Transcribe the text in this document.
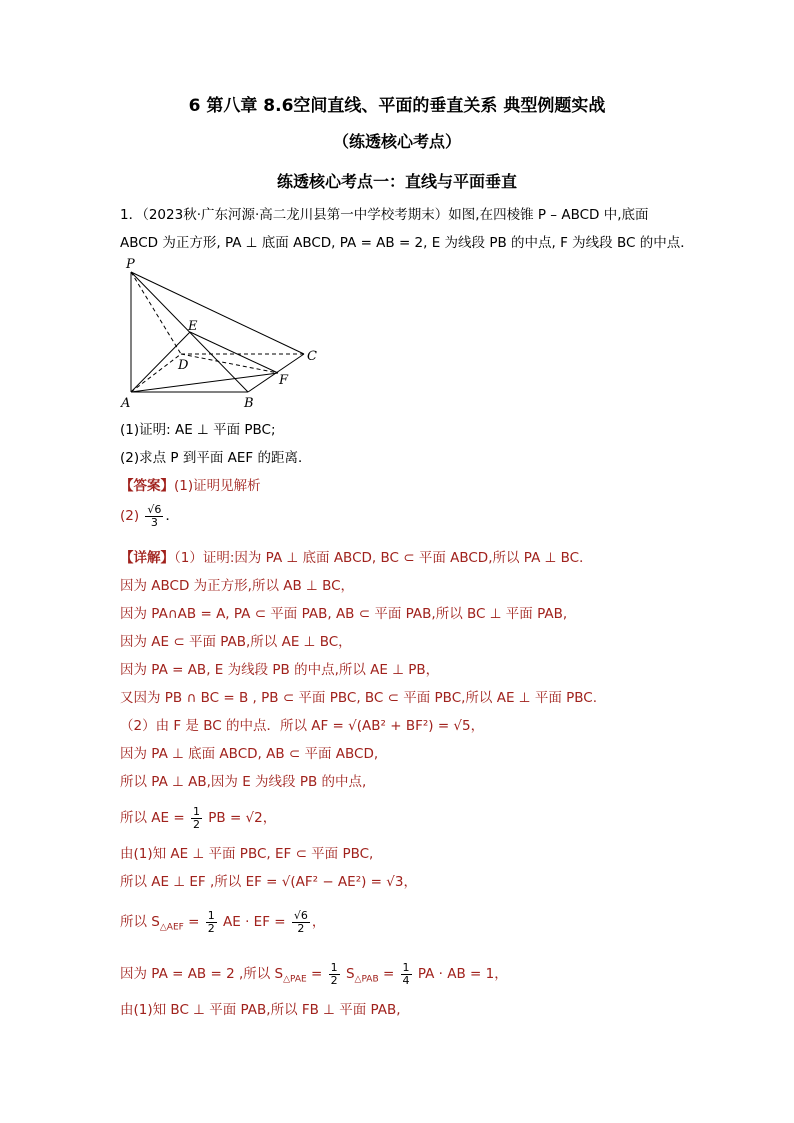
6 第八章 8.6空间直线、平面的垂直关系 典型例题实战
（练透核心考点）
练透核心考点一：直线与平面垂直
1．（2023秋·广东河源·高二龙川县第一中学校考期末）如图,在四棱锥 P – ABCD 中,底面
ABCD 为正方形, PA ⊥ 底面 ABCD, PA = AB = 2, E 为线段 PB 的中点, F 为线段 BC 的中点．
P
E
D
C
F
A	B
(1)证明: AE ⊥ 平面 PBC;
(2)求点 P 到平面 AEF 的距离．
【答案】(1)证明见解析
$(2) \frac{√6}{3}$ ．
【详解】（1）证明:因为 PA ⊥ 底面 ABCD, BC ⊂ 平面 ABCD,所以 PA ⊥ BC．
因为 ABCD 为正方形,所以 AB ⊥ BC，
因为 PA∩AB = A, PA ⊂ 平面 PAB, AB ⊂ 平面 PAB,所以 BC ⊥ 平面 PAB,
因为 AE ⊂ 平面 PAB,所以 AE ⊥ BC，
因为 PA = AB, E 为线段 PB 的中点,所以 AE ⊥ PB，
又因为 PB ∩ BC = B , PB ⊂ 平面 PBC, BC ⊂ 平面 PBC,所以 AE ⊥ 平面 PBC.
（2）由 F 是 BC 的中点．所以 AF = √(AB² + BF²) = √5，
因为 PA ⊥ 底面 ABCD, AB ⊂ 平面 ABCD,
所以 PA ⊥ AB,因为 E 为线段 PB 的中点,
所以 AE = $\frac{1}{2}$ PB = √2，
由(1)知 AE ⊥ 平面 PBC, EF ⊂ 平面 PBC,
所以 AE ⊥ EF ,所以 EF = √(AF² − AE²) = √3，
所以 $S_{\triangle AEF} = \frac{1}{2}$ AE · EF = $\frac{√6}{2}$ ，
因为 PA = AB = 2 ,所以 $S_{\triangle PAE} = \frac{1}{2} S_{\triangle PAB} = \frac{1}{4}$ PA · AB = 1，
由(1)知 BC ⊥ 平面 PAB,所以 FB ⊥ 平面 PAB,
